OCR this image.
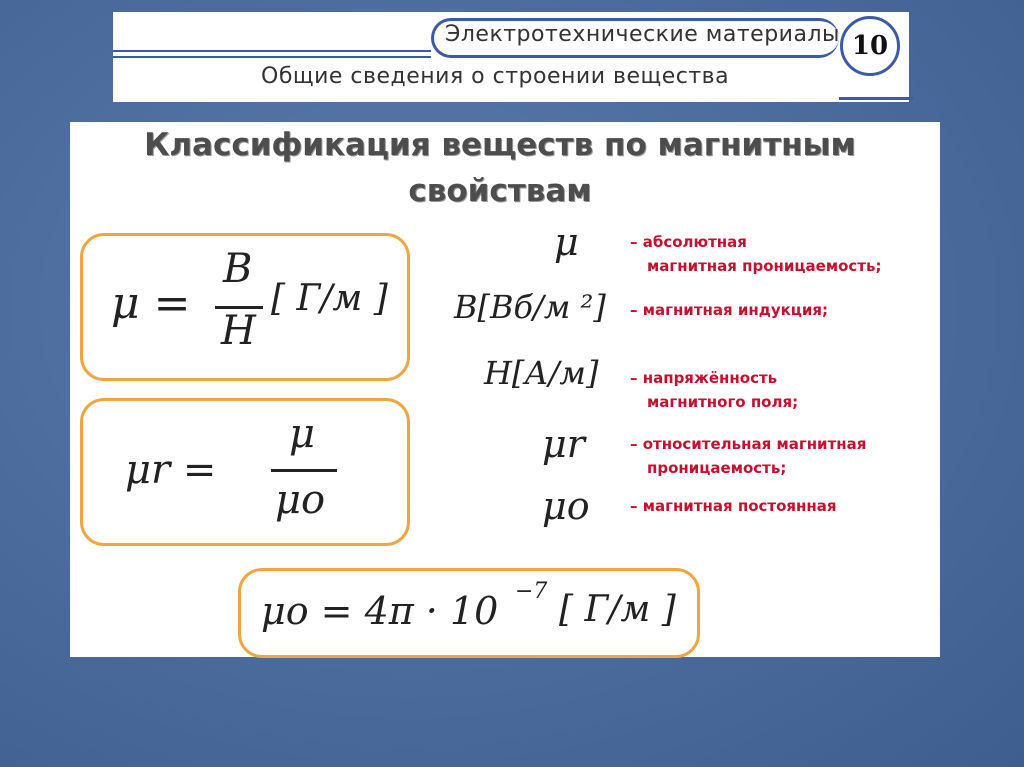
Электротехнические материалы
Общие сведения о строении вещества
10
Классификация веществ по магнитным
свойствам
μ =
B
H
[ Г/м ]
μr =
μ
μo
μo = 4π · 10 −7 [ Г/м ]
μ
B[Вб/м ²]
H[А/м]
μr
μo
– абсолютная
магнитная проницаемость;
– магнитная индукция;
– напряжённость
магнитного поля;
– относительная магнитная
проницаемость;
– магнитная постоянная
